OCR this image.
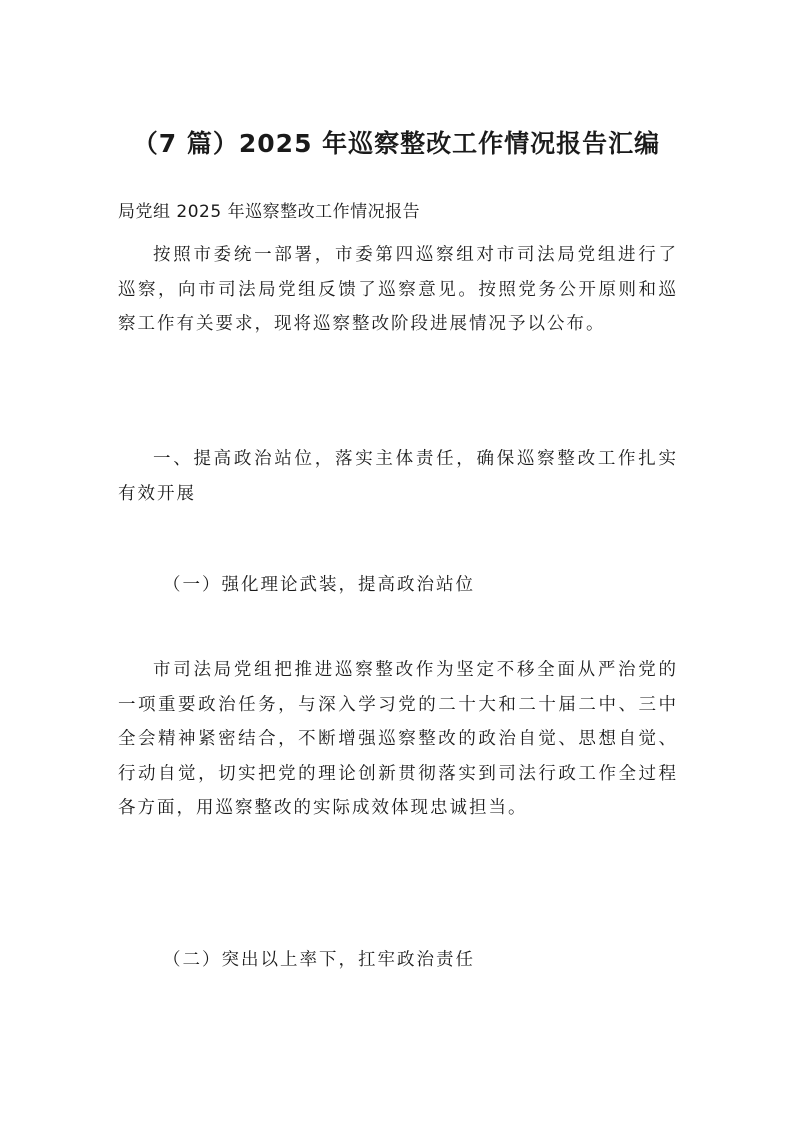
（7 篇）2025 年巡察整改工作情况报告汇编
局党组 2025 年巡察整改工作情况报告

按照市委统一部署，市委第四巡察组对市司法局党组进行了巡察，向市司法局党组反馈了巡察意见。按照党务公开原则和巡察工作有关要求，现将巡察整改阶段进展情况予以公布。

一、提高政治站位，落实主体责任，确保巡察整改工作扎实有效开展

（一）强化理论武装，提高政治站位

市司法局党组把推进巡察整改作为坚定不移全面从严治党的一项重要政治任务，与深入学习党的二十大和二十届二中、三中全会精神紧密结合，不断增强巡察整改的政治自觉、思想自觉、行动自觉，切实把党的理论创新贯彻落实到司法行政工作全过程各方面，用巡察整改的实际成效体现忠诚担当。

（二）突出以上率下，扛牢政治责任
